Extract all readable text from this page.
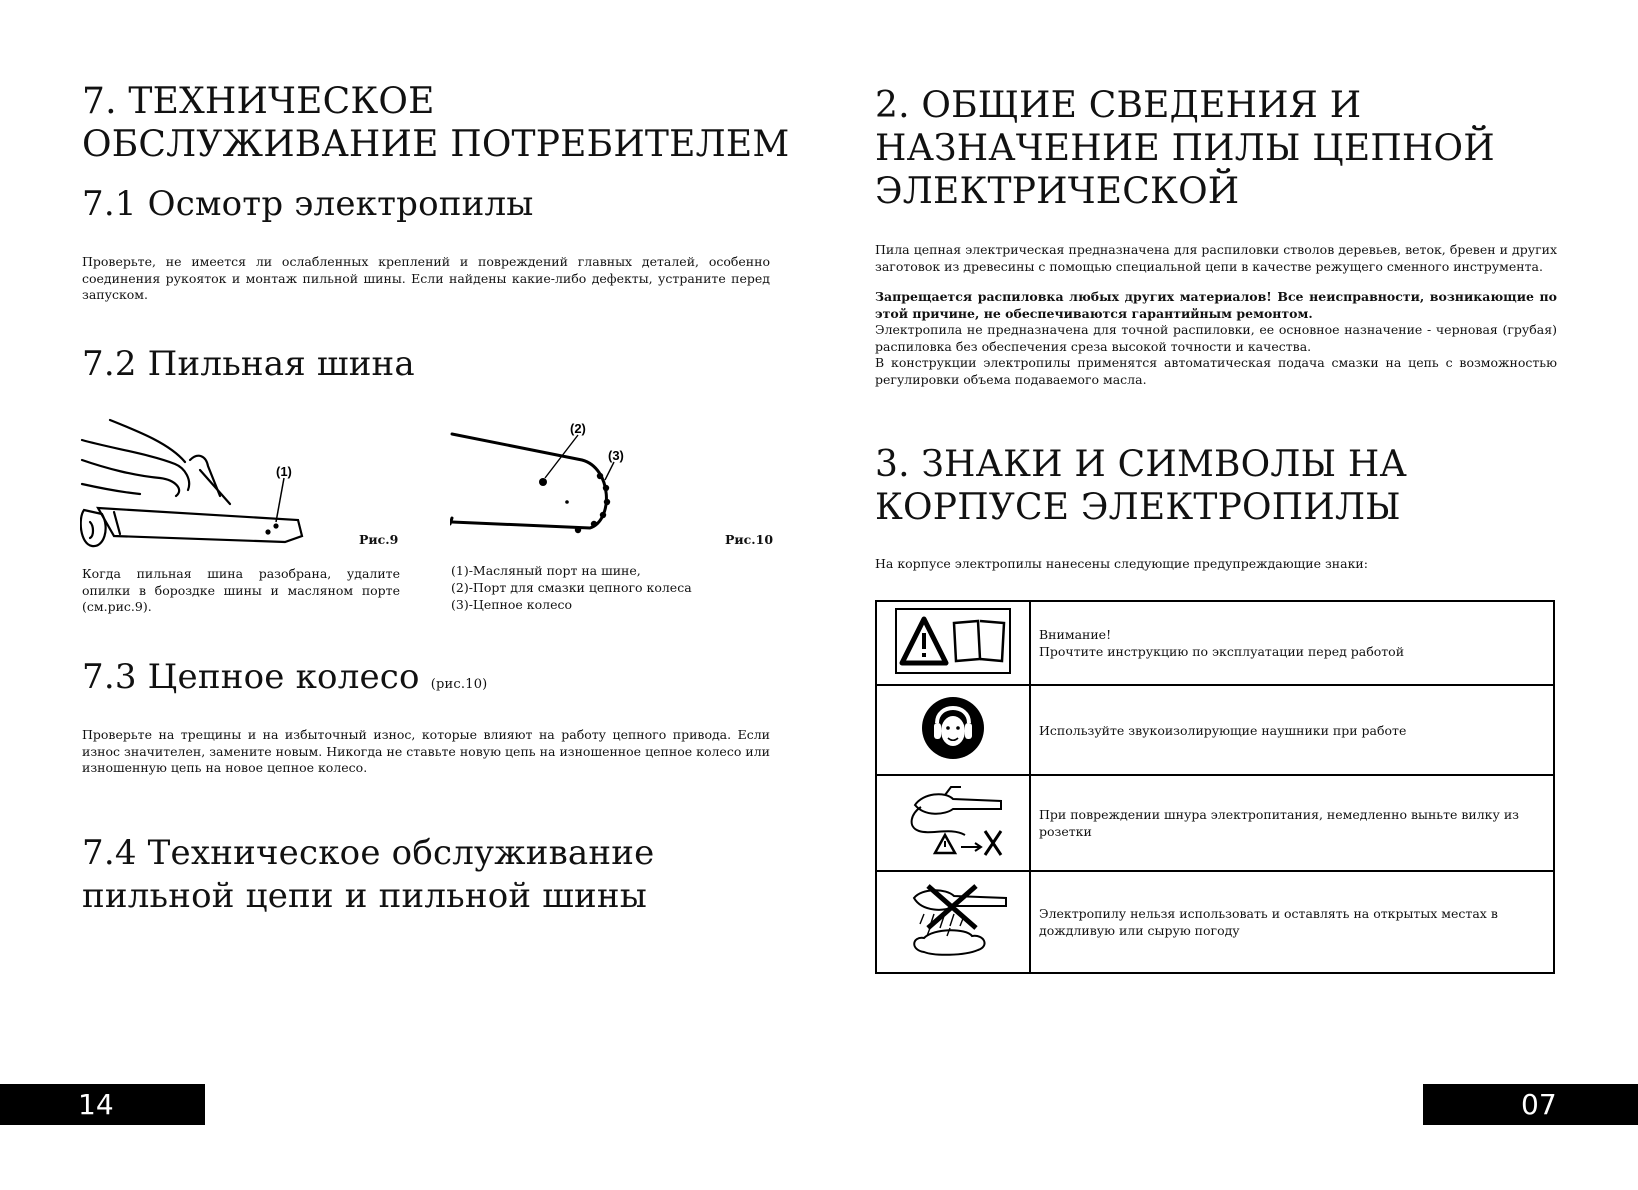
7. ТЕХНИЧЕСКОЕ ОБСЛУЖИВАНИЕ ПОТРЕБИТЕЛЕМ
7.1 Осмотр электропилы

Проверьте, не имеется ли ослабленных креплений и повреждений главных деталей, особенно соединения рукояток и монтаж пильной шины. Если найдены какие-либо дефекты, устраните перед запуском.

7.2 Пильная шина
(1)
Рис.9
(2)
(3)
Рис.10

Когда пильная шина разобрана, удалите опилки в бороздке шины и масляном порте (см.рис.9).

(1)-Масляный порт на шине,
(2)-Порт для смазки цепного колеса
(3)-Цепное колесо
7.3 Цепное колесо (рис.10)

Проверьте на трещины и на избыточный износ, которые влияют на работу цепного привода. Если износ значителен, замените новым. Никогда не ставьте новую цепь на изношенное цепное колесо или изношенную цепь на новое цепное колесо.

7.4 Техническое обслуживание пильной цепи и пильной шины
14
2. ОБЩИЕ СВЕДЕНИЯ И НАЗНАЧЕНИЕ ПИЛЫ ЦЕПНОЙ ЭЛЕКТРИЧЕСКОЙ

Пила цепная электрическая предназначена для распиловки стволов деревьев, веток, бревен и других заготовок из древесины с помощью специальной цепи в качестве режущего сменного инструмента.

Запрещается распиловка любых других материалов! Все неисправности, возникающие по этой причине, не обеспечиваются гарантийным ремонтом.

Электропила не предназначена для точной распиловки, ее основное назначение - черновая (грубая) распиловка без обеспечения среза высокой точности и качества.

В конструкции электропилы применятся автоматическая подача смазки на цепь с возможностью регулировки объема подаваемого масла.

3. ЗНАКИ И СИМВОЛЫ НА КОРПУСЕ ЭЛЕКТРОПИЛЫ

На корпусе электропилы нанесены следующие предупреждающие знаки:

Внимание!
Прочтите инструкцию по эксплуатации перед работой

	Используйте звукоизолирующие наушники при работе
	При повреждении шнура электропитания, немедленно выньте вилку из розетки
	Электропилу нельзя использовать и оставлять на открытых местах в дождливую или сырую погоду
07
